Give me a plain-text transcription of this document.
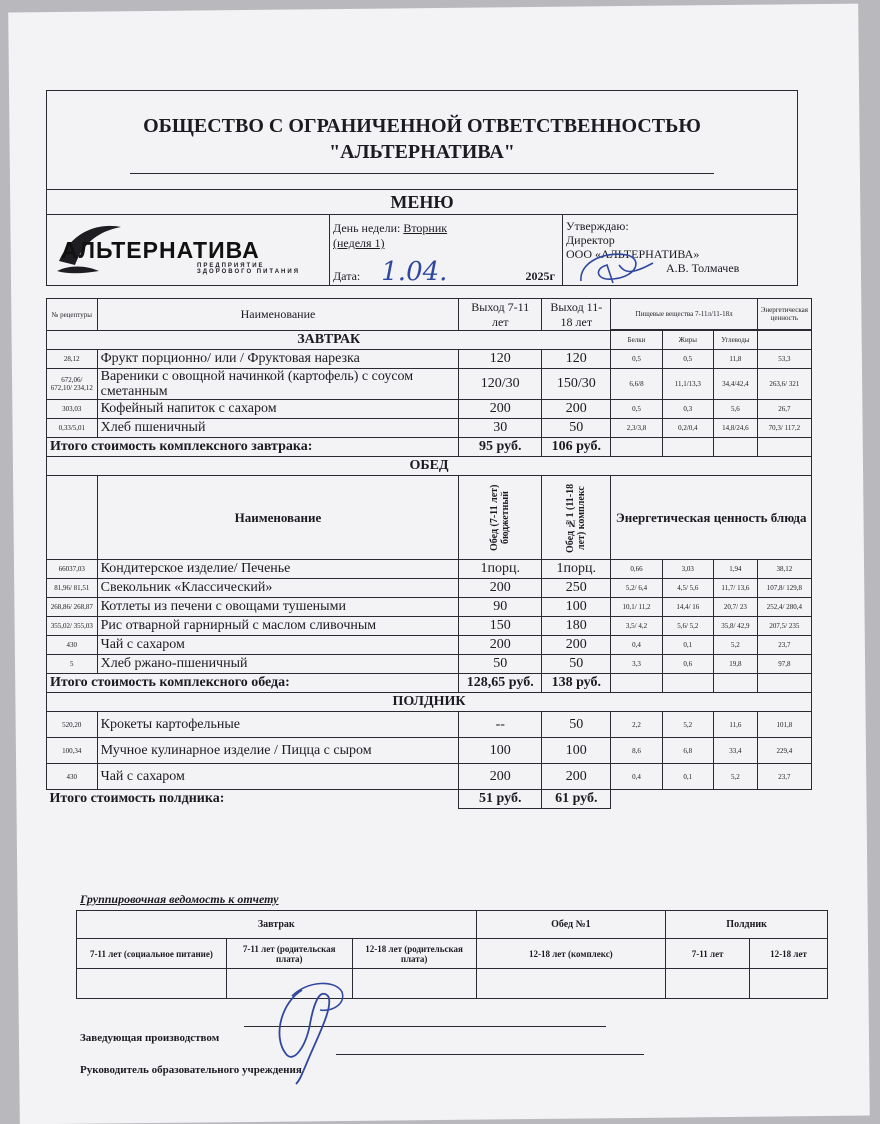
ОБЩЕСТВО С ОГРАНИЧЕННОЙ ОТВЕТСТВЕННОСТЬЮ
"АЛЬТЕРНАТИВА"

МЕНЮ

АЛЬТЕРНАТИВА
ПРЕДПРИЯТИЕ ЗДОРОВОГО ПИТАНИЯ

День недели: Вторник
(неделя 1)
Дата: 1.04.	2025г

Утверждаю:
Директор
ООО «АЛЬТЕРНАТИВА»
А.В. Толмачев
№ рецептуры	Наименование	Выход 7-11 лет	Выход 11-18 лет	Пищевые вещества 7-11л/11-18л			Энергетическая ценность

ЗАВТРАК				Белки	Жиры	Углеводы	
28,12	Фрукт порционно/ или / Фруктовая нарезка	120	120	0,5	0,5	11,8	53,3
672,06/ 672,10/ 234,12	Вареники с овощной начинкой (картофель) с соусом сметанным	120/30	150/30	6,6/8	11,1/13,3	34,4/42,4	263,6/ 321
303,03	Кофейный напиток с сахаром	200	200	0,5	0,3	5,6	26,7
0,33/5,01	Хлеб пшеничный	30	50	2,3/3,8	0,2/0,4	14,8/24,6	70,3/ 117,2
Итого стоимость комплексного завтрака:		95 руб.	106 руб.				
ОБЕД							
	Наименование	Обед (7-11 лет) бюджетный	Обед №1 (11-18 лет) комплекс	Энергетическая ценность блюда			
66037,03	Кондитерское изделие/ Печенье	1порц.	1порц.	0,66	3,03	1,94	38,12
81,96/ 81,51	Свекольник «Классический»	200	250	5,2/ 6,4	4,5/ 5,6	11,7/ 13,6	107,8/ 129,8
268,86/ 268,87	Котлеты из печени с овощами тушеными	90	100	10,1/ 11,2	14,4/ 16	20,7/ 23	252,4/ 280,4
355,02/ 355,03	Рис отварной гарнирный с маслом сливочным	150	180	3,5/ 4,2	5,6/ 5,2	35,8/ 42,9	207,5/ 235
430	Чай с сахаром	200	200	0,4	0,1	5,2	23,7
5	Хлеб ржано-пшеничный	50	50	3,3	0,6	19,8	97,8
Итого стоимость комплексного обеда:		128,65 руб.	138 руб.				
ПОЛДНИК							
520,20	Крокеты картофельные	--	50	2,2	5,2	11,6	101,8
100,34	Мучное кулинарное изделие / Пицца с сыром	100	100	8,6	6,8	33,4	229,4
430	Чай с сахаром	200	200	0,4	0,1	5,2	23,7
Итого стоимость полдника:		51 руб.	61 руб.				
Группировочная ведомость к отчету
Завтрак			Обед №1	Полдник	
7-11 лет (социальное питание)	7-11 лет (родительская плата)	12-18 лет (родительская плата)	12-18 лет (комплекс)	7-11 лет	12-18 лет

Заведующая производством
Руководитель образовательного учреждения
